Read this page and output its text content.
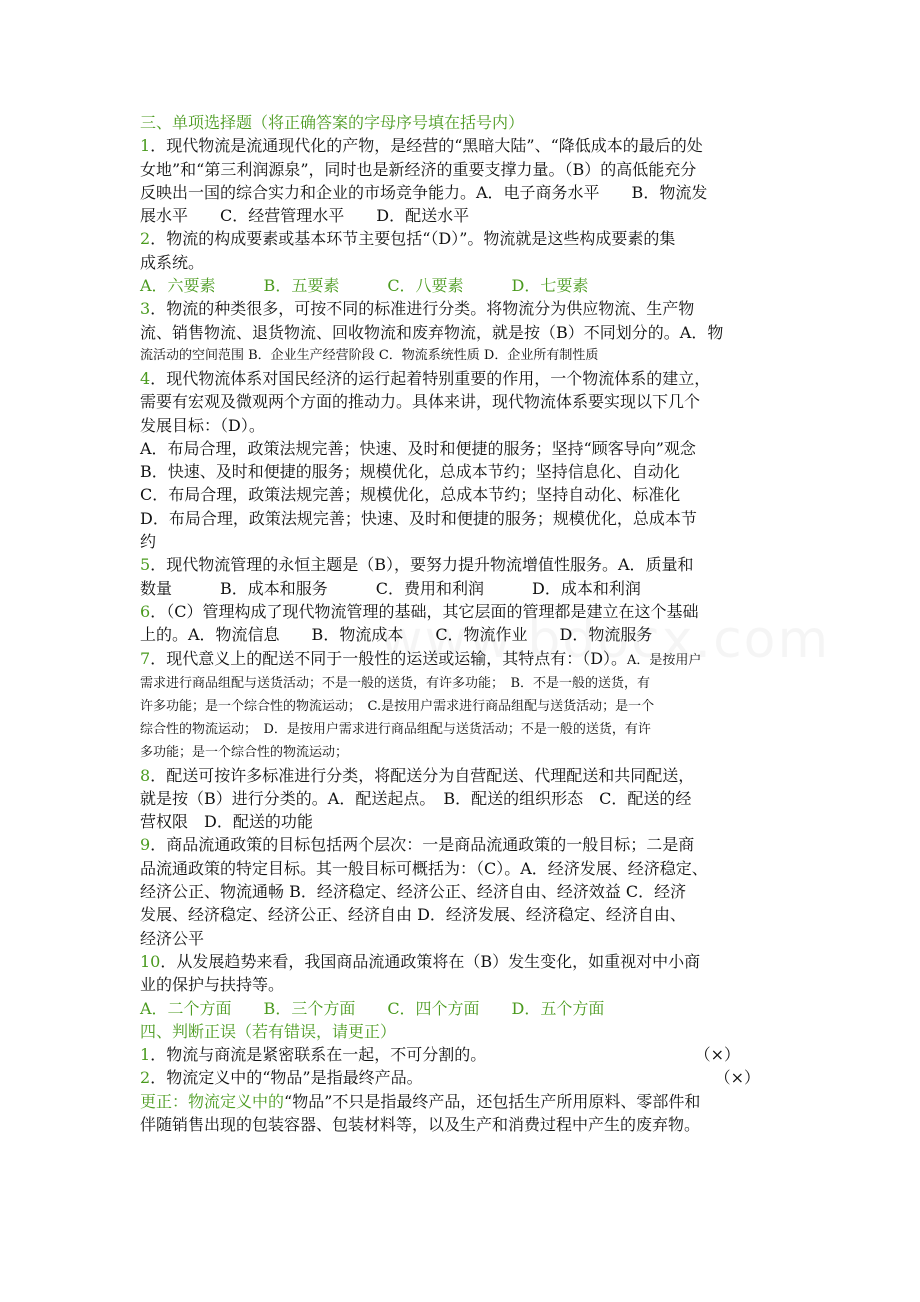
三、单项选择题（将正确答案的字母序号填在括号内）
1．现代物流是流通现代化的产物，是经营的“黑暗大陆”、“降低成本的最后的处
女地”和“第三利润源泉”，同时也是新经济的重要支撑力量。（B）的高低能充分
反映出一国的综合实力和企业的市场竞争能力。A．电子商务水平　　B．物流发
展水平　　C．经营管理水平　　D．配送水平
2．物流的构成要素或基本环节主要包括“（D）”。物流就是这些构成要素的集
成系统。
A．六要素　　　B．五要素　　　C．八要素　　　D．七要素
3．物流的种类很多，可按不同的标准进行分类。将物流分为供应物流、生产物
流、销售物流、退货物流、回收物流和废弃物流，就是按（B）不同划分的。A．物
流活动的空间范围 B．企业生产经营阶段 C．物流系统性质 D．企业所有制性质
4．现代物流体系对国民经济的运行起着特别重要的作用，一个物流体系的建立，
需要有宏观及微观两个方面的推动力。具体来讲，现代物流体系要实现以下几个
发展目标：（D）。
A．布局合理，政策法规完善；快速、及时和便捷的服务；坚持“顾客导向”观念
B．快速、及时和便捷的服务；规模优化，总成本节约；坚持信息化、自动化
C．布局合理，政策法规完善；规模优化，总成本节约；坚持自动化、标准化
D．布局合理，政策法规完善；快速、及时和便捷的服务；规模优化，总成本节
约
5．现代物流管理的永恒主题是（B），要努力提升物流增值性服务。A．质量和
数量　　　B．成本和服务　　　C．费用和利润　　　D．成本和利润
6．（C）管理构成了现代物流管理的基础，其它层面的管理都是建立在这个基础
上的。A．物流信息　　B．物流成本　　C．物流作业　　D．物流服务
7．现代意义上的配送不同于一般性的运送或运输，其特点有：（D）。A．是按用户
需求进行商品组配与送货活动；不是一般的送货，有许多功能；　B．不是一般的送货，有
许多功能；是一个综合性的物流运动；　C.是按用户需求进行商品组配与送货活动；是一个
综合性的物流运动；　D．是按用户需求进行商品组配与送货活动；不是一般的送货，有许
多功能；是一个综合性的物流运动；
8．配送可按许多标准进行分类，将配送分为自营配送、代理配送和共同配送，
就是按（B）进行分类的。A．配送起点。　B．配送的组织形态　C．配送的经
营权限　D．配送的功能
9．商品流通政策的目标包括两个层次：一是商品流通政策的一般目标；二是商
品流通政策的特定目标。其一般目标可概括为：（C）。A．经济发展、经济稳定、
经济公正、物流通畅 B．经济稳定、经济公正、经济自由、经济效益 C．经济
发展、经济稳定、经济公正、经济自由 D．经济发展、经济稳定、经济自由、
经济公平
10．从发展趋势来看，我国商品流通政策将在（B）发生变化，如重视对中小商
业的保护与扶持等。
A．二个方面　　B．三个方面　　C．四个方面　　D．五个方面
四、判断正误（若有错误，请更正）
1．物流与商流是紧密联系在一起，不可分割的。	（×）
2．物流定义中的“物品”是指最终产品。	（×）
更正：物流定义中的“物品”不只是指最终产品，还包括生产所用原料、零部件和
伴随销售出现的包装容器、包装材料等，以及生产和消费过程中产生的废弃物。
